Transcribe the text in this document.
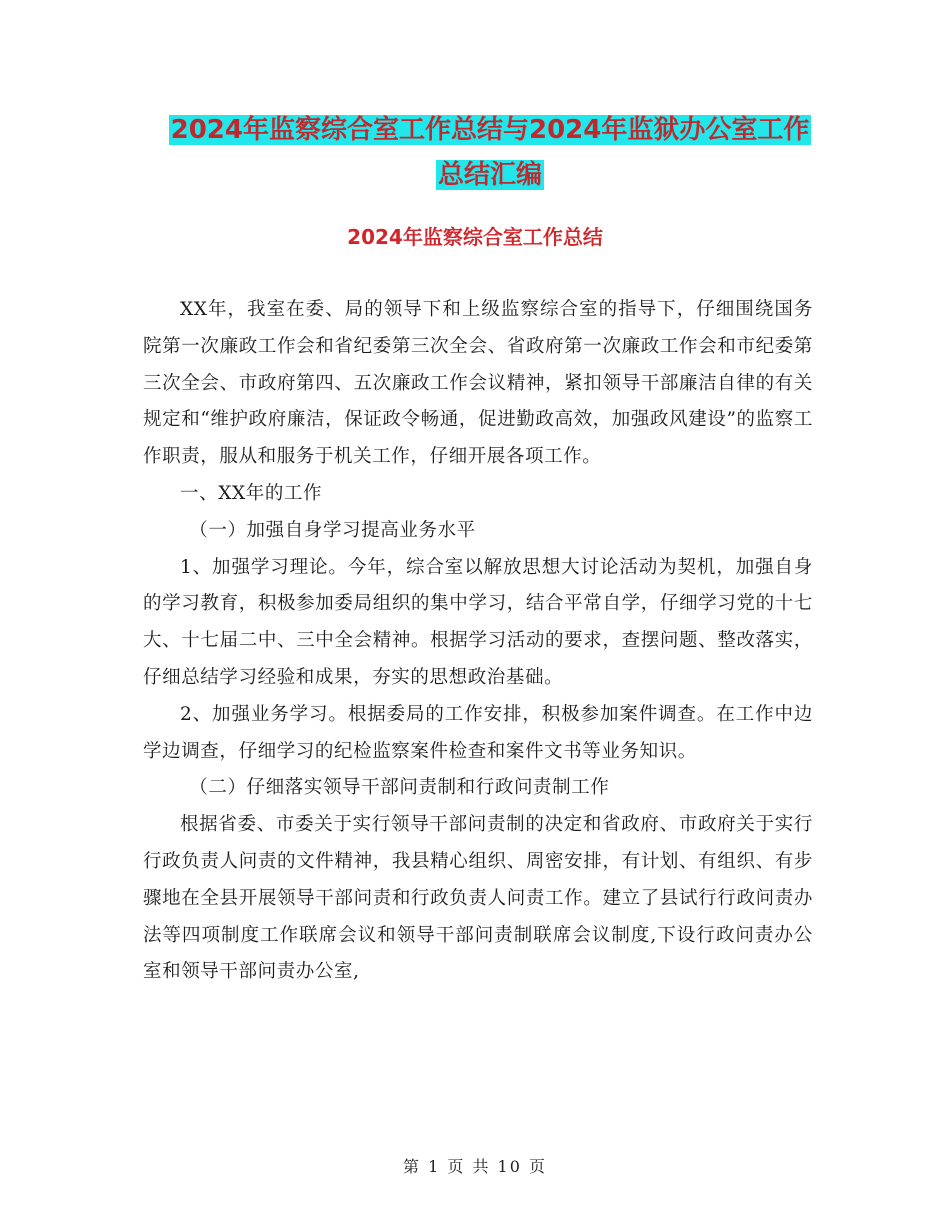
2024年监察综合室工作总结与2024年监狱办公室工作
总结汇编
2024年监察综合室工作总结

XX年，我室在委、局的领导下和上级监察综合室的指导下，仔细围绕国务院第一次廉政工作会和省纪委第三次全会、省政府第一次廉政工作会和市纪委第三次全会、市政府第四、五次廉政工作会议精神，紧扣领导干部廉洁自律的有关规定和“维护政府廉洁，保证政令畅通，促进勤政高效，加强政风建设”的监察工作职责，服从和服务于机关工作，仔细开展各项工作。

一、XX年的工作

（一）加强自身学习提高业务水平

1、加强学习理论。今年，综合室以解放思想大讨论活动为契机，加强自身的学习教育，积极参加委局组织的集中学习，结合平常自学，仔细学习党的十七大、十七届二中、三中全会精神。根据学习活动的要求，查摆问题、整改落实，仔细总结学习经验和成果，夯实的思想政治基础。

2、加强业务学习。根据委局的工作安排，积极参加案件调查。在工作中边学边调查，仔细学习的纪检监察案件检查和案件文书等业务知识。

（二）仔细落实领导干部问责制和行政问责制工作

根据省委、市委关于实行领导干部问责制的决定和省政府、市政府关于实行行政负责人问责的文件精神，我县精心组织、周密安排，有计划、有组织、有步骤地在全县开展领导干部问责和行政负责人问责工作。建立了县试行行政问责办法等四项制度工作联席会议和领导干部问责制联席会议制度,下设行政问责办公室和领导干部问责办公室,

第 1 页 共 10 页
